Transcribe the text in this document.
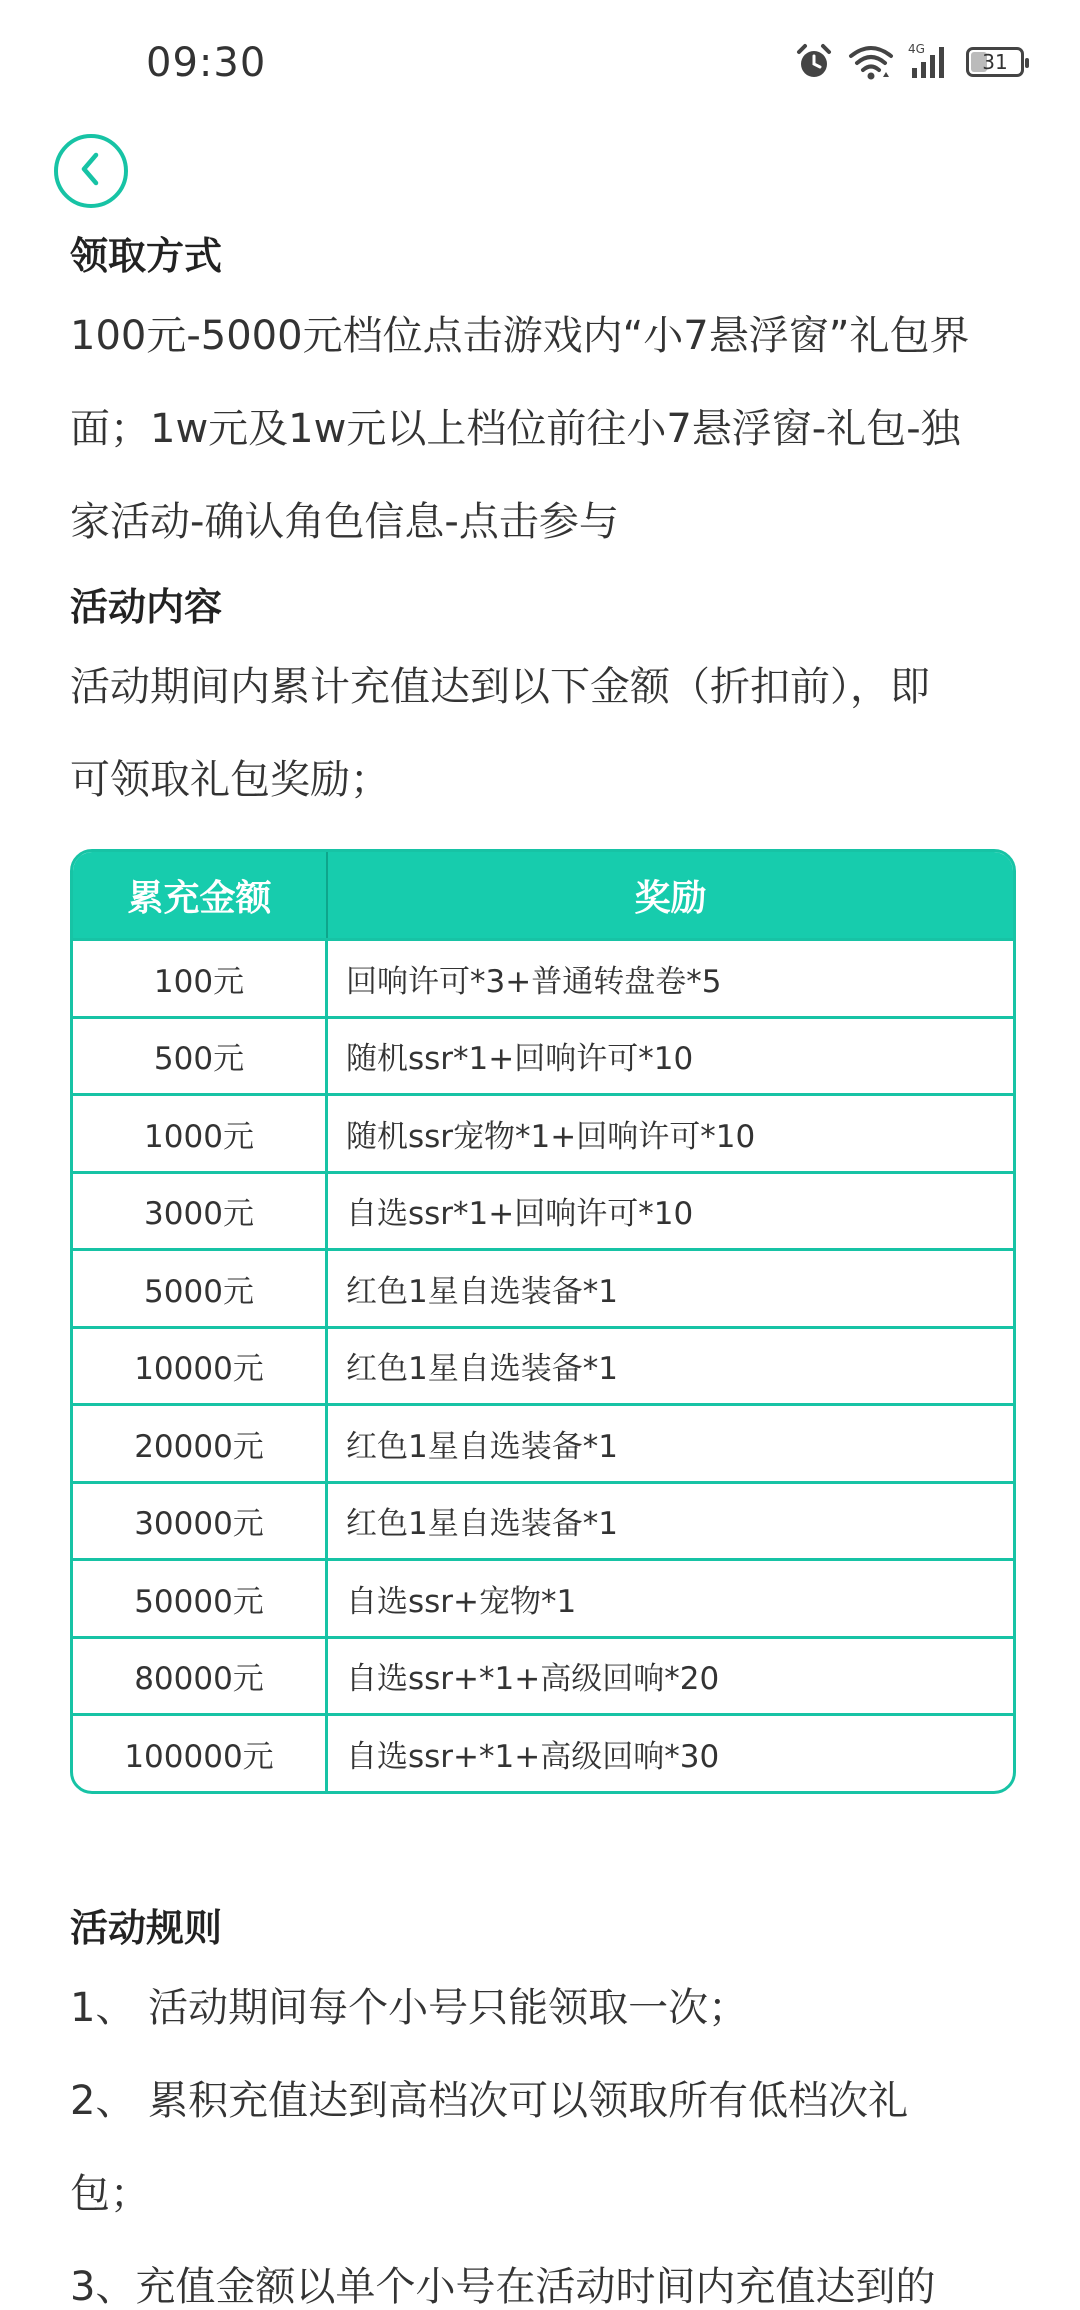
09:30	4G
31
领取方式

100元-5000元档位点击游戏内“小7悬浮窗”礼包界

面；1w元及1w元以上档位前往小7悬浮窗-礼包-独

家活动-确认角色信息-点击参与

活动内容

活动期间内累计充值达到以下金额（折扣前），即

可领取礼包奖励；

累充金额	奖励
100元	回响许可*3+普通转盘卷*5
500元	随机ssr*1+回响许可*10
1000元	随机ssr宠物*1+回响许可*10
3000元	自选ssr*1+回响许可*10
5000元	红色1星自选装备*1
10000元	红色1星自选装备*1
20000元	红色1星自选装备*1
30000元	红色1星自选装备*1
50000元	自选ssr+宠物*1
80000元	自选ssr+*1+高级回响*20
100000元	自选ssr+*1+高级回响*30
活动规则

1、 活动期间每个小号只能领取一次；

2、 累积充值达到高档次可以领取所有低档次礼

包；

3、充值金额以单个小号在活动时间内充值达到的
